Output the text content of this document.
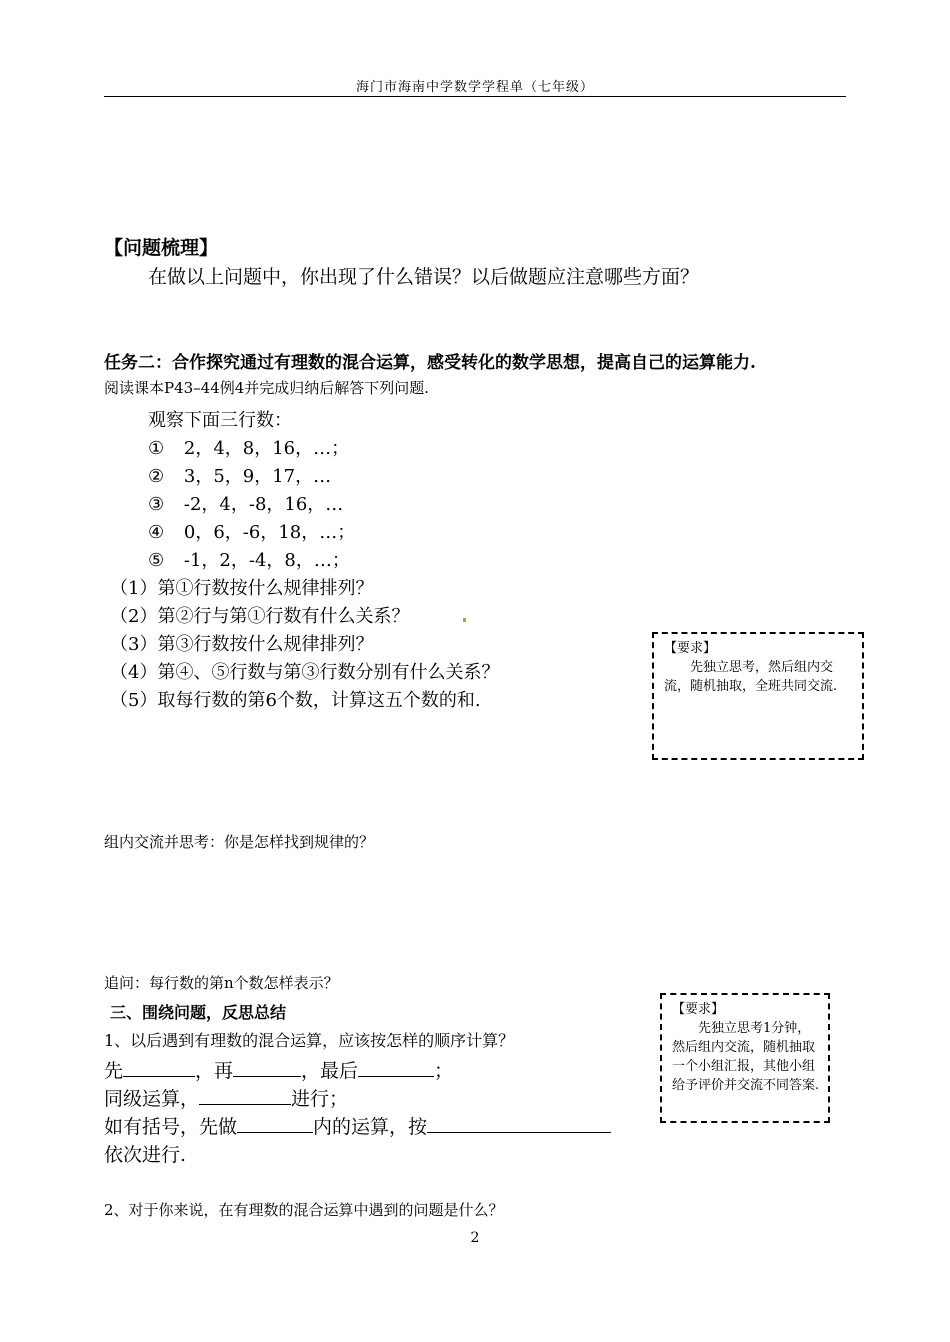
海门市海南中学数学学程单（七年级）
【问题梳理】
在做以上问题中，你出现了什么错误？以后做题应注意哪些方面？
任务二：合作探究通过有理数的混合运算，感受转化的数学思想，提高自己的运算能力.
阅读课本P43–44例4并完成归纳后解答下列问题.
观察下面三行数：
① 2，4，8，16，…；
② 3，5，9，17，…
③ -2，4，-8，16，…
④ 0，6，-6，18，…；
⑤ -1，2，-4，8，…；
（1）第①行数按什么规律排列？
（2）第②行与第①行数有什么关系？
（3）第③行数按什么规律排列？
（4）第④、⑤行数与第③行数分别有什么关系？
（5）取每行数的第6个数，计算这五个数的和.
【要求】
先独立思考，然后组内交流，随机抽取，全班共同交流.
组内交流并思考：你是怎样找到规律的？
追问：每行数的第n个数怎样表示？
三、围绕问题，反思总结
1、以后遇到有理数的混合运算，应该按怎样的顺序计算？
先	，再	，最后	；
同级运算，	进行；
如有括号，先做	内的运算，按
依次进行.
【要求】
先独立思考1分钟，然后组内交流，随机抽取一个小组汇报，其他小组给予评价并交流不同答案.
2、对于你来说，在有理数的混合运算中遇到的问题是什么？
2
